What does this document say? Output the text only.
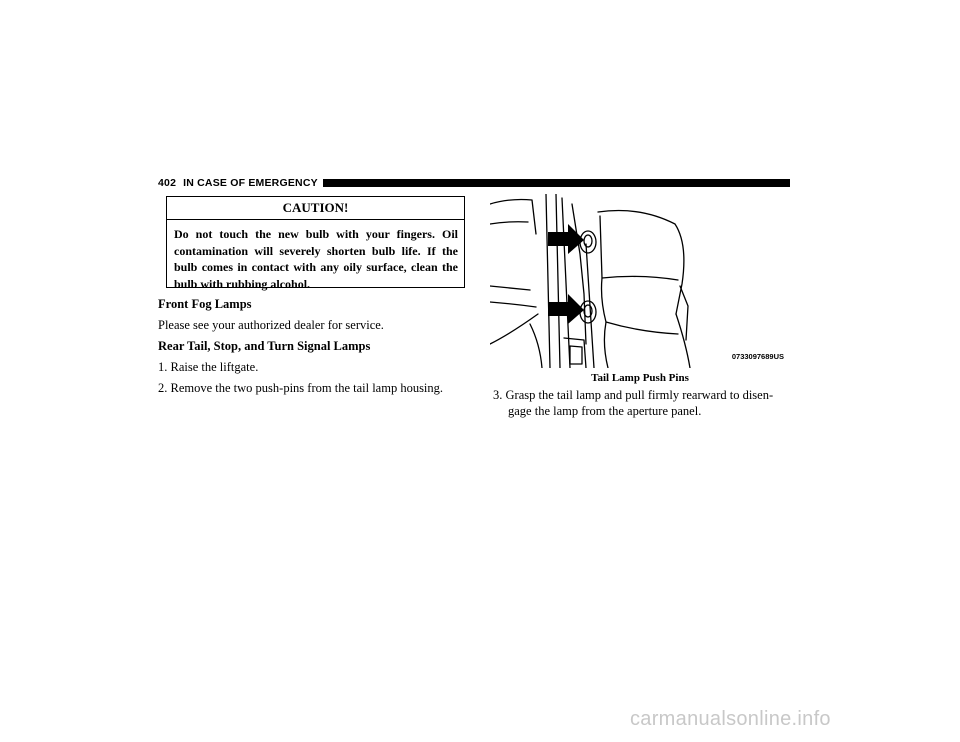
402 IN CASE OF EMERGENCY
CAUTION!
Do not touch the new bulb with your fingers. Oil contamination will severely shorten bulb life. If the bulb comes in contact with any oily surface, clean the bulb with rubbing alcohol.
Front Fog Lamps
Please see your authorized dealer for service.
Rear Tail, Stop, and Turn Signal Lamps
1. Raise the liftgate.
2. Remove the two push-pins from the tail lamp housing.
0733097689US
Tail Lamp Push Pins
3. Grasp the tail lamp and pull firmly rearward to disen-
gage the lamp from the aperture panel.
carmanualsonline.info
